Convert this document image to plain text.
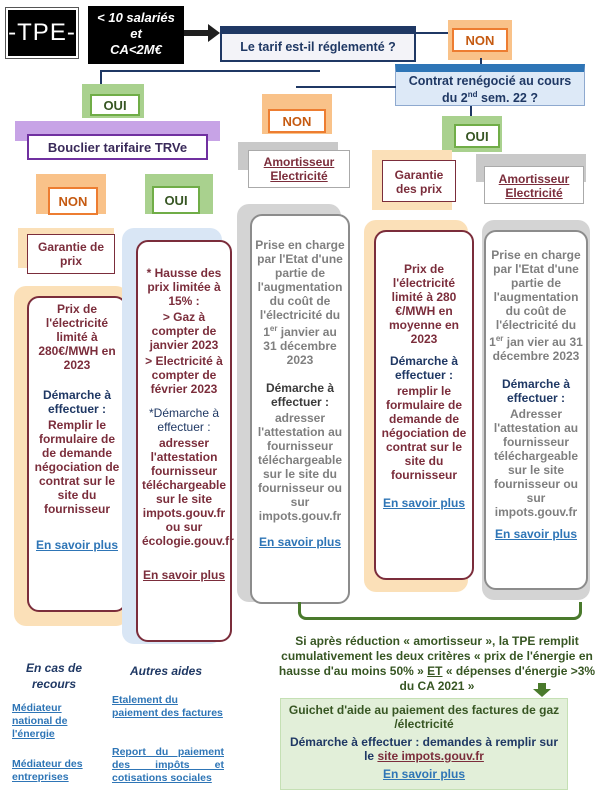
-TPE-
< 10 salariés
et
CA<2M€	Le tarif est-il réglementé ?	NON
Contrat renégocié au cours
du 2nd sem. 22 ?
OUI
Bouclier tarifaire TRVe
NON
OUI
NON	OUI
Garantie de prix
Prix de l'électricité limité à 280€/MWH en 2023
Démarche à effectuer :
Remplir le formulaire de de demande négociation de contrat sur le site du fournisseur
En savoir plus
* Hausse des prix limitée à 15% :
> Gaz à compter de janvier 2023
> Electricité à compter de février 2023
*Démarche à effectuer :
adresser l'attestation fournisseur téléchargeable sur le site impots.gouv.fr ou sur écologie.gouv.fr
En savoir plus
Amortisseur Electricité
Prise en charge par l'Etat d'une partie de l'augmentation du coût de l'électricité du 1er janvier au 31 décembre 2023
Démarche à effectuer :
adresser l'attestation au fournisseur téléchargeable sur le site du fournisseur ou sur impots.gouv.fr
En savoir plus
Garantie des prix
Prix de l'électricité limité à 280 €/MWH en moyenne en 2023
Démarche à effectuer :
remplir le formulaire de demande de négociation de contrat sur le site du fournisseur
En savoir plus
Amortisseur Electricité
Prise en charge par l'Etat d'une partie de l'augmentation du coût de l'électricité du 1er jan vier au 31 décembre 2023
Démarche à effectuer :
Adresser l'attestation au fournisseur téléchargeable sur le site fournisseur ou sur impots.gouv.fr
En savoir plus
Si après réduction « amortisseur », la TPE remplit cumulativement les deux critères « prix de l'énergie en hausse d'au moins 50% » ET « dépenses d'énergie >3% du CA 2021 »
Guichet d'aide au paiement des factures de gaz /électricité
Démarche à effectuer : demandes à remplir sur le site impots.gouv.fr
En savoir plus
En cas de recours
Médiateur national de l'énergie
Médiateur des entreprises
Autres aides
Etalement du paiement des factures
Report du paiement des impôts et cotisations sociales
